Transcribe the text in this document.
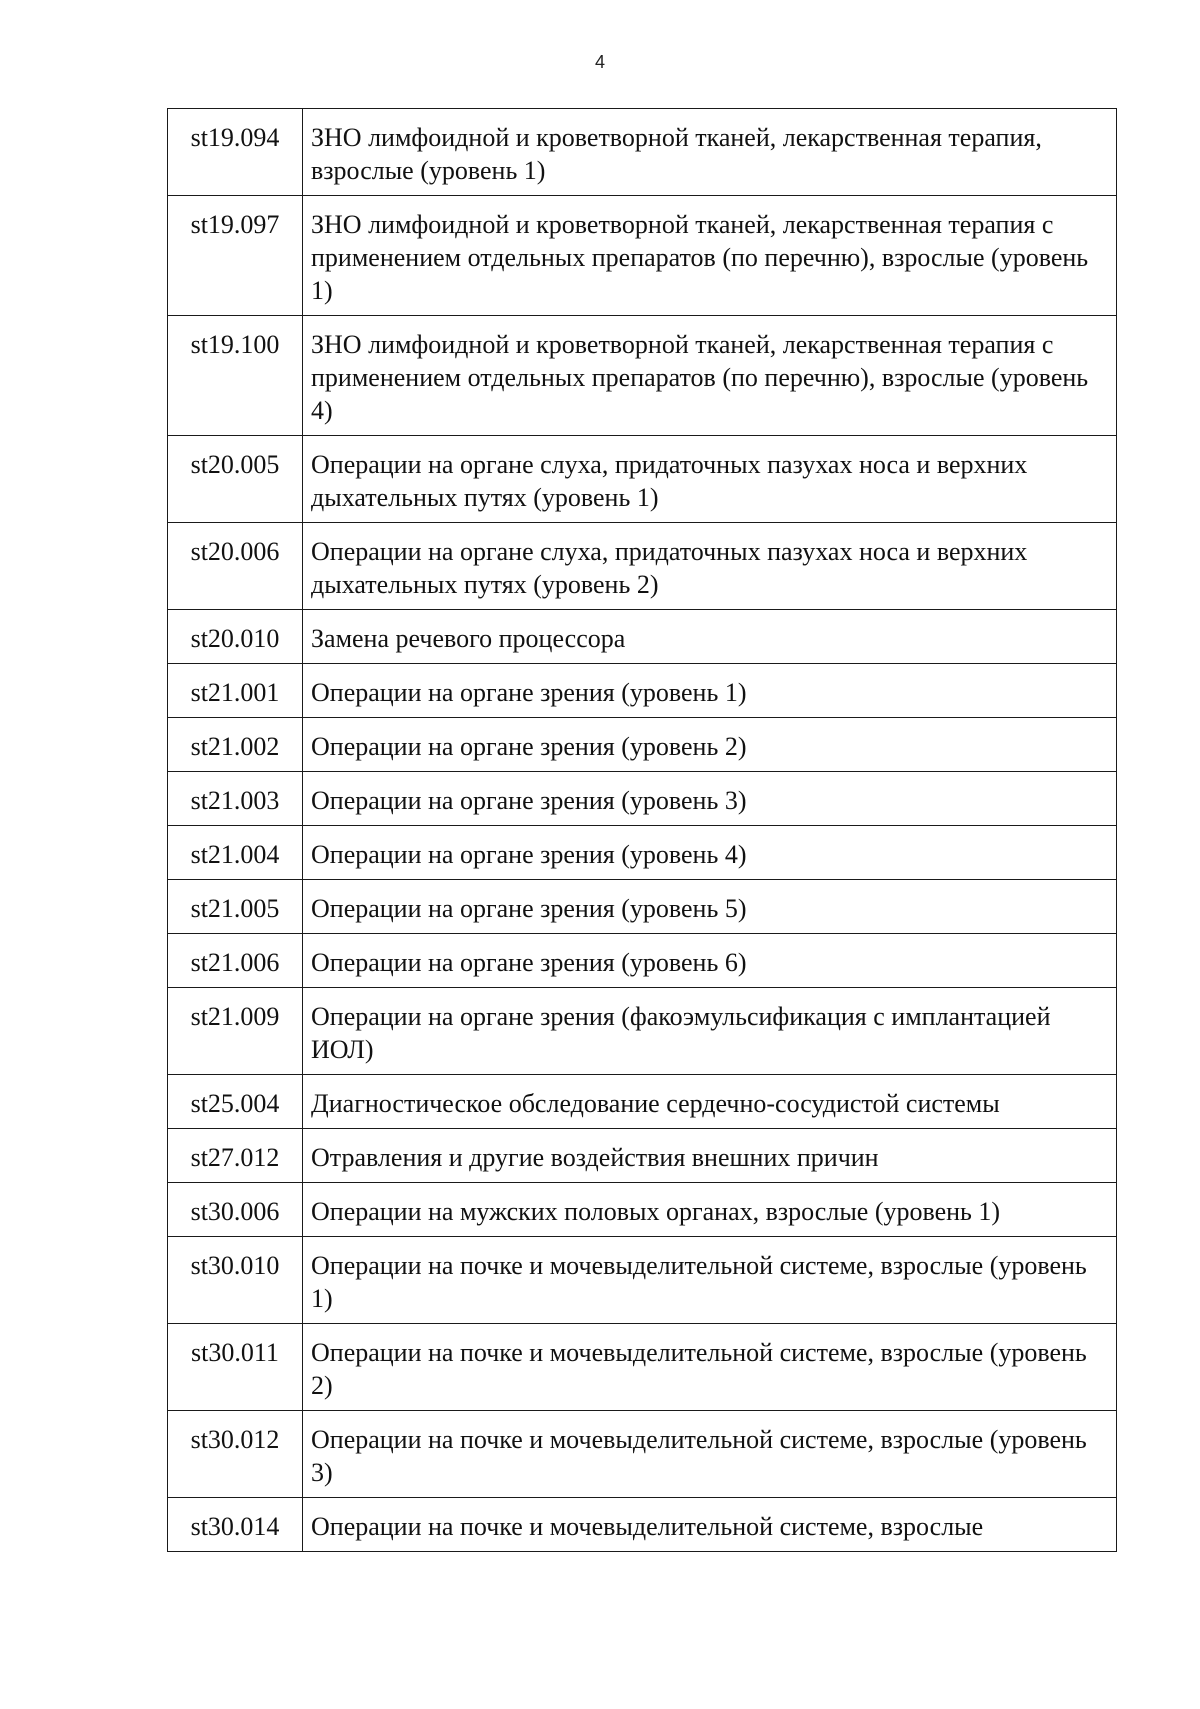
4
st19.094	ЗНО лимфоидной и кроветворной тканей, лекарственная терапия, взрослые (уровень 1)
st19.097	ЗНО лимфоидной и кроветворной тканей, лекарственная терапия с применением отдельных препаратов (по перечню), взрослые (уровень 1)
st19.100	ЗНО лимфоидной и кроветворной тканей, лекарственная терапия с применением отдельных препаратов (по перечню), взрослые (уровень 4)
st20.005	Операции на органе слуха, придаточных пазухах носа и верхних дыхательных путях (уровень 1)
st20.006	Операции на органе слуха, придаточных пазухах носа и верхних дыхательных путях (уровень 2)
st20.010	Замена речевого процессора
st21.001	Операции на органе зрения (уровень 1)
st21.002	Операции на органе зрения (уровень 2)
st21.003	Операции на органе зрения (уровень 3)
st21.004	Операции на органе зрения (уровень 4)
st21.005	Операции на органе зрения (уровень 5)
st21.006	Операции на органе зрения (уровень 6)
st21.009	Операции на органе зрения (факоэмульсификация с имплантацией ИОЛ)
st25.004	Диагностическое обследование сердечно-сосудистой системы
st27.012	Отравления и другие воздействия внешних причин
st30.006	Операции на мужских половых органах, взрослые (уровень 1)
st30.010	Операции на почке и мочевыделительной системе, взрослые (уровень 1)
st30.011	Операции на почке и мочевыделительной системе, взрослые (уровень 2)
st30.012	Операции на почке и мочевыделительной системе, взрослые (уровень 3)
st30.014	Операции на почке и мочевыделительной системе, взрослые
